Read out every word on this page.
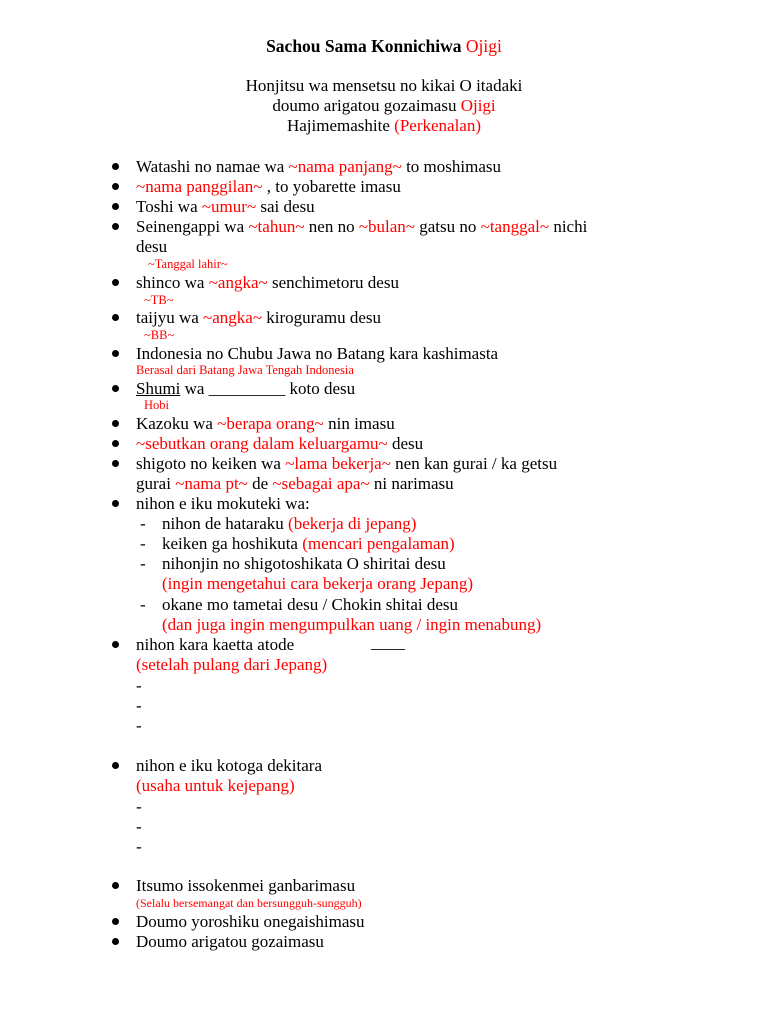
Sachou Sama Konnichiwa Ojigi
Honjitsu wa mensetsu no kikai O itadaki
doumo arigatou gozaimasu Ojigi
Hajimemashite (Perkenalan)
Watashi no namae wa ~nama panjang~ to moshimasu
~nama panggilan~ , to yobarette imasu
Toshi wa ~umur~ sai desu
Seinengappi wa ~tahun~ nen no ~bulan~ gatsu no ~tanggal~ nichi
desu
~Tanggal lahir~
shinco wa ~angka~ senchimetoru desu
~TB~
taijyu wa ~angka~ kiroguramu desu
~BB~
Indonesia no Chubu Jawa no Batang kara kashimasta
Berasal dari Batang Jawa Tengah Indonesia
Shumi wa _________ koto desu
Hobi
Kazoku wa ~berapa orang~ nin imasu
~sebutkan orang dalam keluargamu~ desu
shigoto no keiken wa ~lama bekerja~ nen kan gurai / ka getsu
gurai ~nama pt~ de ~sebagai apa~ ni narimasu
nihon e iku mokuteki wa:
- nihon de hataraku (bekerja di jepang)
- keiken ga hoshikuta (mencari pengalaman)
- nihonjin no shigotoshikata O shiritai desu
(ingin mengetahui cara bekerja orang Jepang)
- okane mo tametai desu / Chokin shitai desu
(dan juga ingin mengumpulkan uang / ingin menabung)
nihon kara kaetta atode	____
(setelah pulang dari Jepang)
-
-
-
nihon e iku kotoga dekitara
(usaha untuk kejepang)
-
-
-
Itsumo issokenmei ganbarimasu
(Selalu bersemangat dan bersungguh-sungguh)
Doumo yoroshiku onegaishimasu
Doumo arigatou gozaimasu
